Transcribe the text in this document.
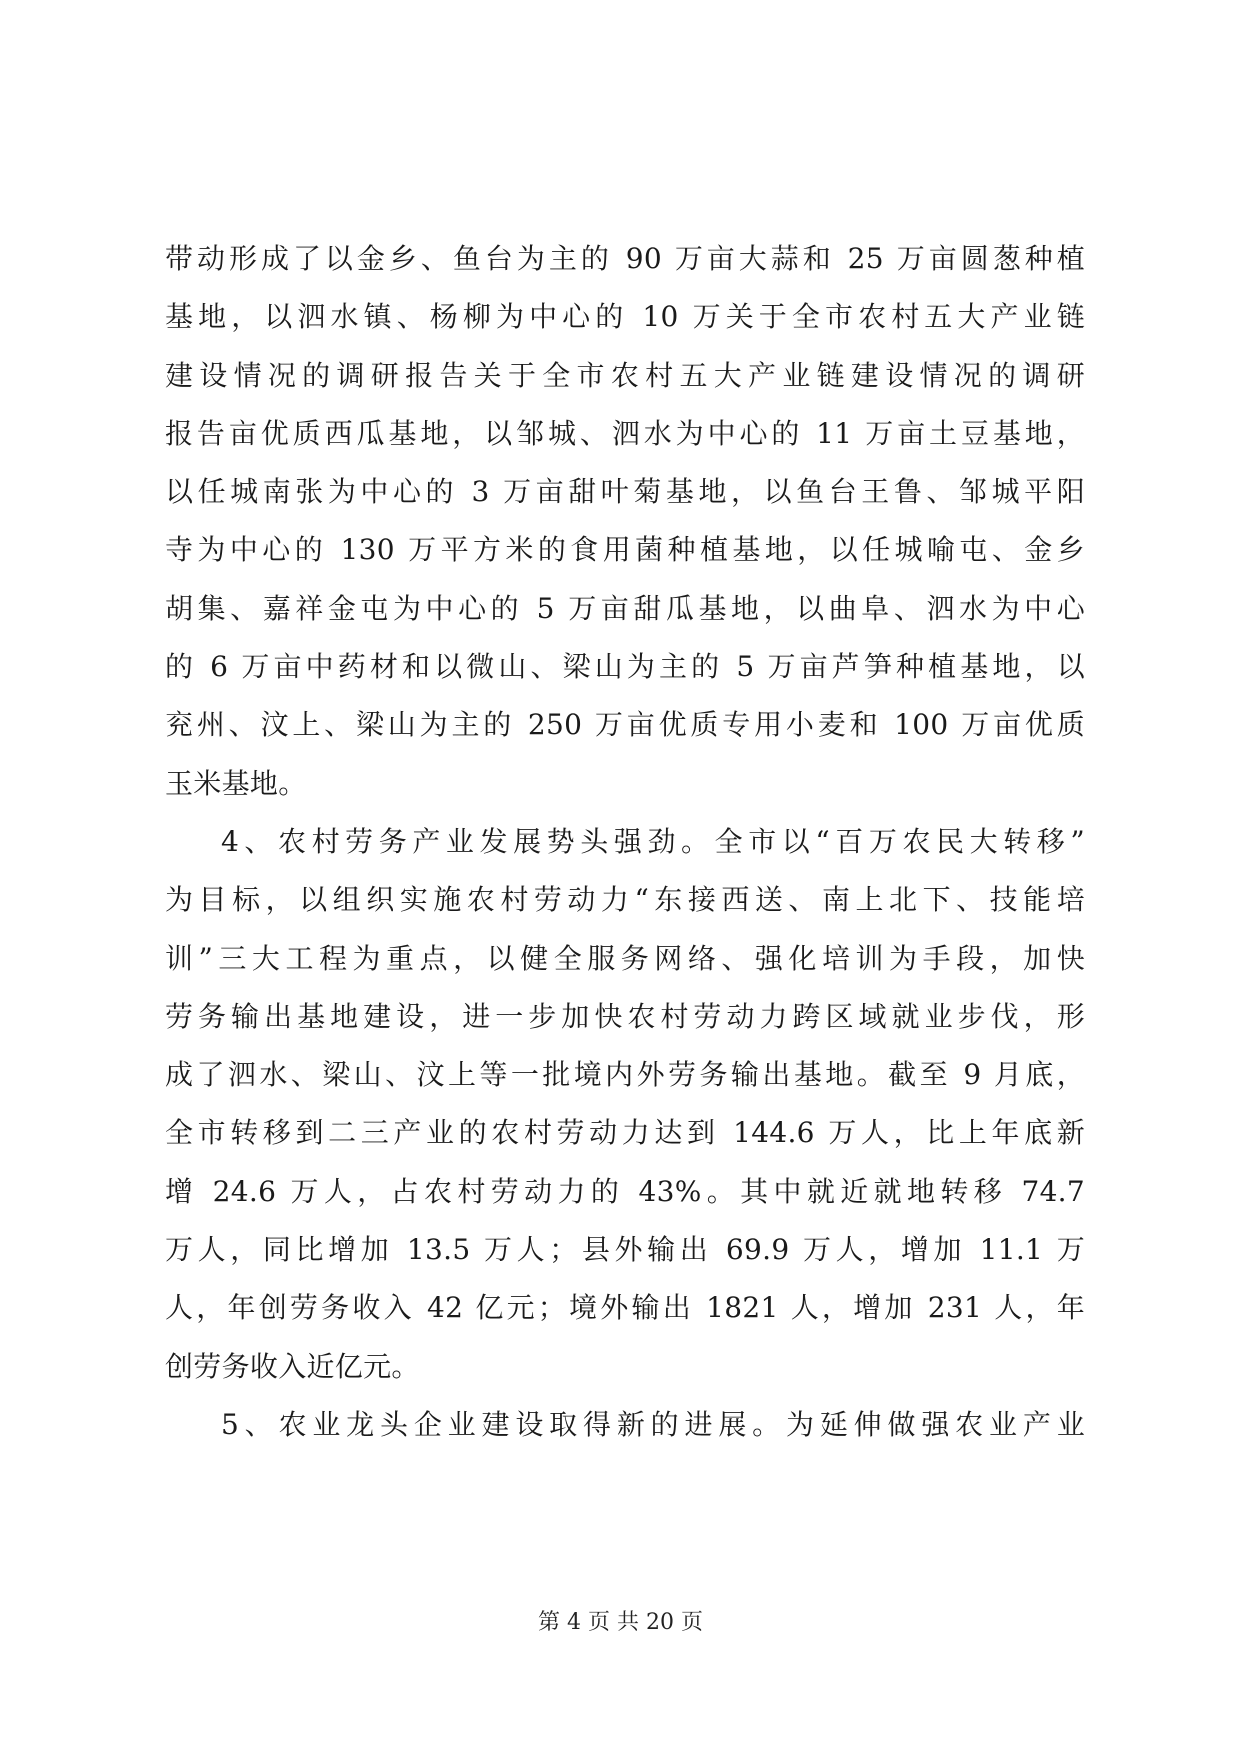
带动形成了以金乡、鱼台为主的 90 万亩大蒜和 25 万亩圆葱种植
基地，以泗水镇、杨柳为中心的 10 万关于全市农村五大产业链
建设情况的调研报告关于全市农村五大产业链建设情况的调研
报告亩优质西瓜基地，以邹城、泗水为中心的 11 万亩土豆基地，
以任城南张为中心的 3 万亩甜叶菊基地，以鱼台王鲁、邹城平阳
寺为中心的 130 万平方米的食用菌种植基地，以任城喻屯、金乡
胡集、嘉祥金屯为中心的 5 万亩甜瓜基地，以曲阜、泗水为中心
的 6 万亩中药材和以微山、梁山为主的 5 万亩芦笋种植基地，以
兖州、汶上、梁山为主的 250 万亩优质专用小麦和 100 万亩优质
玉米基地。
4、农村劳务产业发展势头强劲。全市以“百万农民大转移”
为目标，以组织实施农村劳动力“东接西送、南上北下、技能培
训”三大工程为重点，以健全服务网络、强化培训为手段，加快
劳务输出基地建设，进一步加快农村劳动力跨区域就业步伐，形
成了泗水、梁山、汶上等一批境内外劳务输出基地。截至 9 月底，
全市转移到二三产业的农村劳动力达到 144.6 万人，比上年底新
增 24.6 万人，占农村劳动力的 43%。其中就近就地转移 74.7
万人，同比增加 13.5 万人；县外输出 69.9 万人，增加 11.1 万
人，年创劳务收入 42 亿元；境外输出 1821 人，增加 231 人，年
创劳务收入近亿元。
5、农业龙头企业建设取得新的进展。为延伸做强农业产业
第 4 页 共 20 页
